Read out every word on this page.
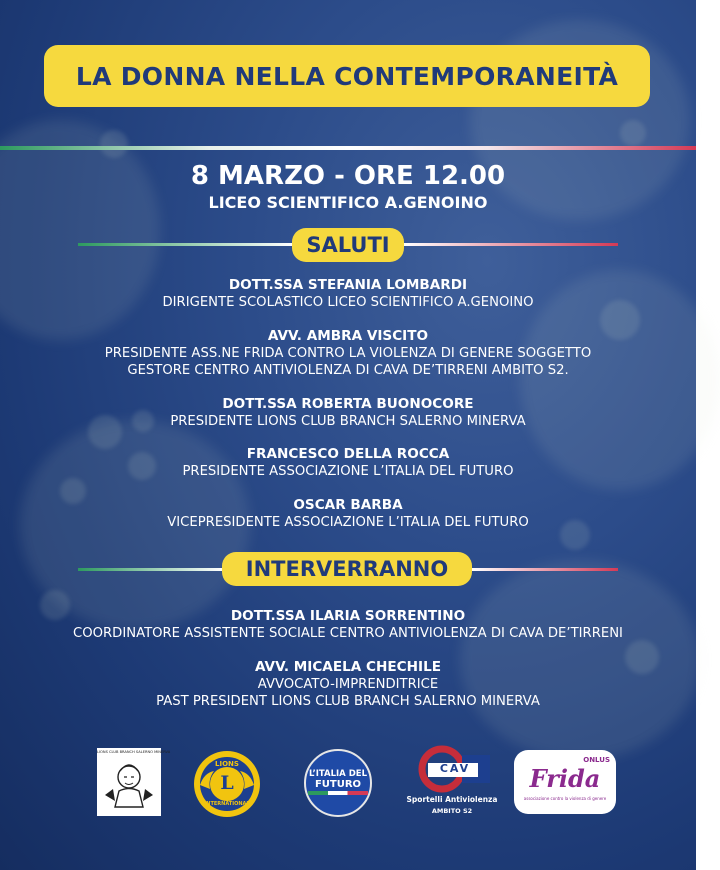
LA DONNA NELLA CONTEMPORANEITÀ
8 MARZO - ORE 12.00
LICEO SCIENTIFICO A.GENOINO
SALUTI
DOTT.SSA STEFANIA LOMBARDI
DIRIGENTE SCOLASTICO LICEO SCIENTIFICO A.GENOINO
AVV. AMBRA VISCITO
PRESIDENTE ASS.NE FRIDA CONTRO LA VIOLENZA DI GENERE SOGGETTO
GESTORE CENTRO ANTIVIOLENZA DI CAVA DE’TIRRENI AMBITO S2.
DOTT.SSA ROBERTA BUONOCORE
PRESIDENTE LIONS CLUB BRANCH SALERNO MINERVA
FRANCESCO DELLA ROCCA
PRESIDENTE ASSOCIAZIONE L’ITALIA DEL FUTURO
OSCAR BARBA
VICEPRESIDENTE ASSOCIAZIONE L’ITALIA DEL FUTURO
INTERVERRANNO
DOTT.SSA ILARIA SORRENTINO
COORDINATORE ASSISTENTE SOCIALE CENTRO ANTIVIOLENZA DI CAVA DE’TIRRENI
AVV. MICAELA CHECHILE
AVVOCATO-IMPRENDITRICE
PAST PRESIDENT LIONS CLUB BRANCH SALERNO MINERVA
LIONS CLUB BRANCH SALERNO MINERVA
LIONS
L
INTERNATIONAL
L’ITALIA DEL
FUTURO
CAV
Sportelli Antiviolenza
AMBITO S2
ONLUS
Frida
associazione contro la violenza di genere
